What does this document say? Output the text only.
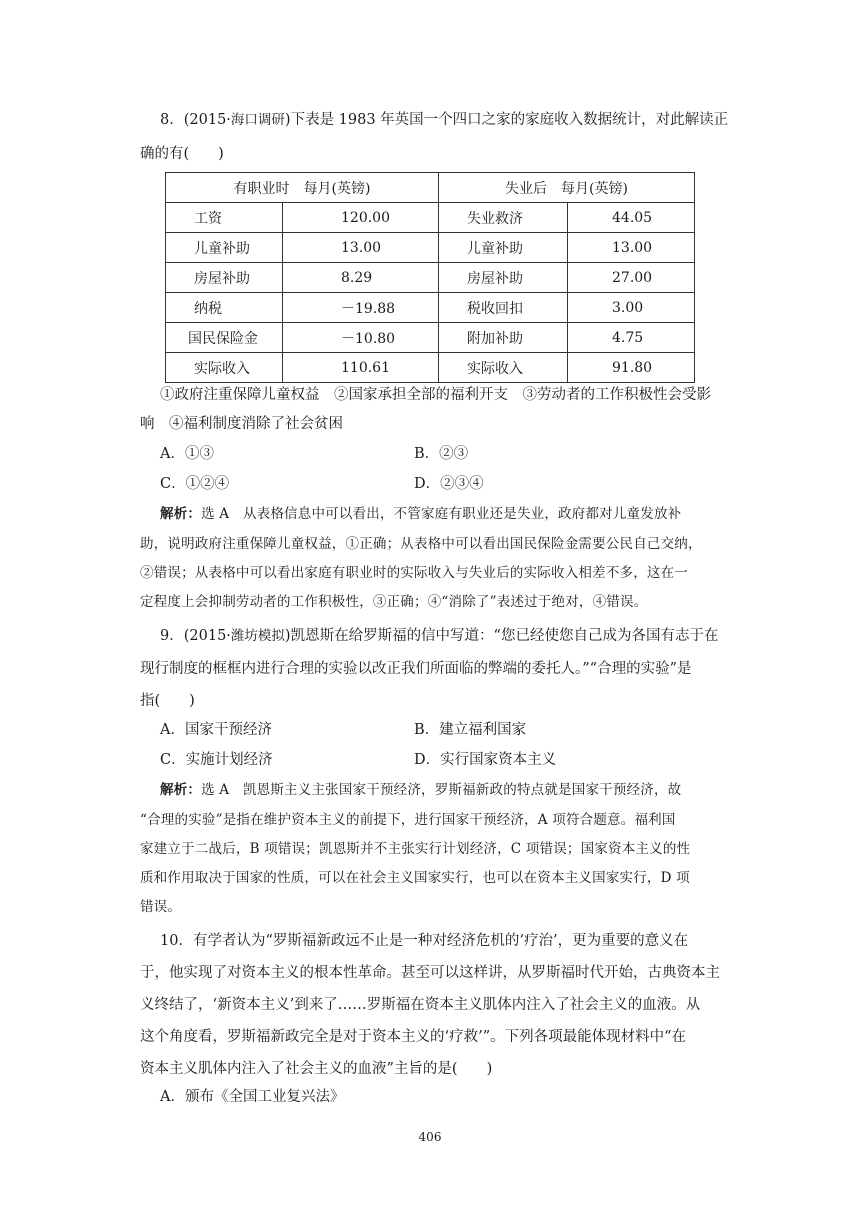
8．(2015·海口调研)下表是 1983 年英国一个四口之家的家庭收入数据统计，对此解读正
确的有(　　)
有职业时　每月(英镑)		失业后　每月(英镑)	
工资	120.00	失业救济	44.05
儿童补助	13.00	儿童补助	13.00
房屋补助	8.29	房屋补助	27.00
纳税	－19.88	税收回扣	3.00
国民保险金	－10.80	附加补助	4.75
实际收入	110.61	实际收入	91.80
①政府注重保障儿童权益　②国家承担全部的福利开支　③劳动者的工作积极性会受影
响　④福利制度消除了社会贫困
A．①③	B．②③
C．①②④	D．②③④
解析：选 A　从表格信息中可以看出，不管家庭有职业还是失业，政府都对儿童发放补
助，说明政府注重保障儿童权益，①正确；从表格中可以看出国民保险金需要公民自己交纳，
②错误；从表格中可以看出家庭有职业时的实际收入与失业后的实际收入相差不多，这在一
定程度上会抑制劳动者的工作积极性，③正确；④“消除了”表述过于绝对，④错误。
9．(2015·潍坊模拟)凯恩斯在给罗斯福的信中写道：“您已经使您自己成为各国有志于在
现行制度的框框内进行合理的实验以改正我们所面临的弊端的委托人。”“合理的实验”是
指(　　)
A．国家干预经济	B．建立福利国家
C．实施计划经济	D．实行国家资本主义
解析：选 A　凯恩斯主义主张国家干预经济，罗斯福新政的特点就是国家干预经济，故
“合理的实验”是指在维护资本主义的前提下，进行国家干预经济，A 项符合题意。福利国
家建立于二战后，B 项错误；凯恩斯并不主张实行计划经济，C 项错误；国家资本主义的性
质和作用取决于国家的性质，可以在社会主义国家实行，也可以在资本主义国家实行，D 项
错误。
10．有学者认为“罗斯福新政远不止是一种对经济危机的‘疗治’，更为重要的意义在
于，他实现了对资本主义的根本性革命。甚至可以这样讲，从罗斯福时代开始，古典资本主
义终结了，‘新资本主义’到来了……罗斯福在资本主义肌体内注入了社会主义的血液。从
这个角度看，罗斯福新政完全是对于资本主义的‘疗救’”。下列各项最能体现材料中“在
资本主义肌体内注入了社会主义的血液”主旨的是(　　)
A．颁布《全国工业复兴法》
406
